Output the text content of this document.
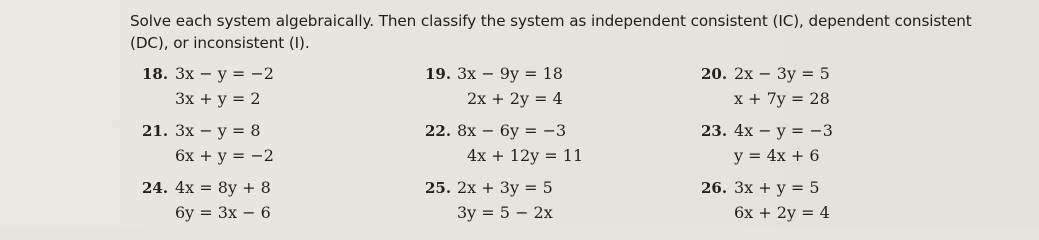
Solve each system algebraically. Then classify the system as independent consistent (IC), dependent consistent (DC), or inconsistent (I).
18. 3x − y = −2
3x + y = 2
19. 3x − 9y = 18
2x + 2y = 4
20. 2x − 3y = 5
x + 7y = 28
21. 3x − y = 8
6x + y = −2
22. 8x − 6y = −3
4x + 12y = 11
23. 4x − y = −3
y = 4x + 6
24. 4x = 8y + 8
6y = 3x − 6
25. 2x + 3y = 5
3y = 5 − 2x
26. 3x + y = 5
6x + 2y = 4
